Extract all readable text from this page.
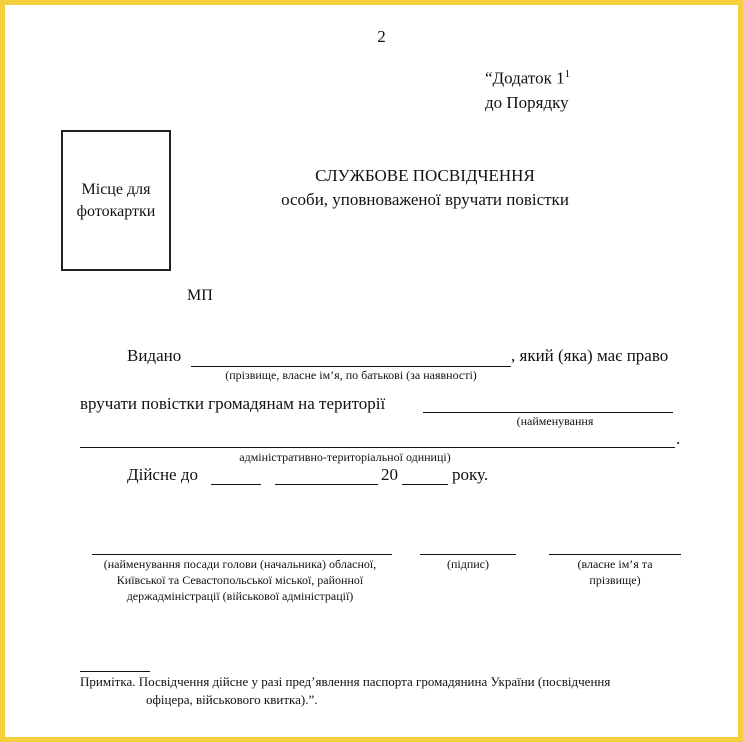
2
“Додаток $1^1$
до Порядку
Місце для
фотокартки
СЛУЖБОВЕ ПОСВІДЧЕННЯ
особи, уповноваженої вручати повістки
МП
Видано	, який (яка) має право
(прізвище, власне ім’я, по батькові (за наявності)
вручати повістки громадянам на території
(найменування
.
адміністративно-територіальної одиниці)
Дійсне до	20	року.
(найменування посади голови (начальника) обласної,
Київської та Севастопольської міської, районної
держадміністрації (військової адміністрації)
(підпис)	(власне ім’я та
прізвище)
Примітка. Посвідчення дійсне у разі пред’явлення паспорта громадянина України (посвідчення
офіцера, військового квитка).”.
